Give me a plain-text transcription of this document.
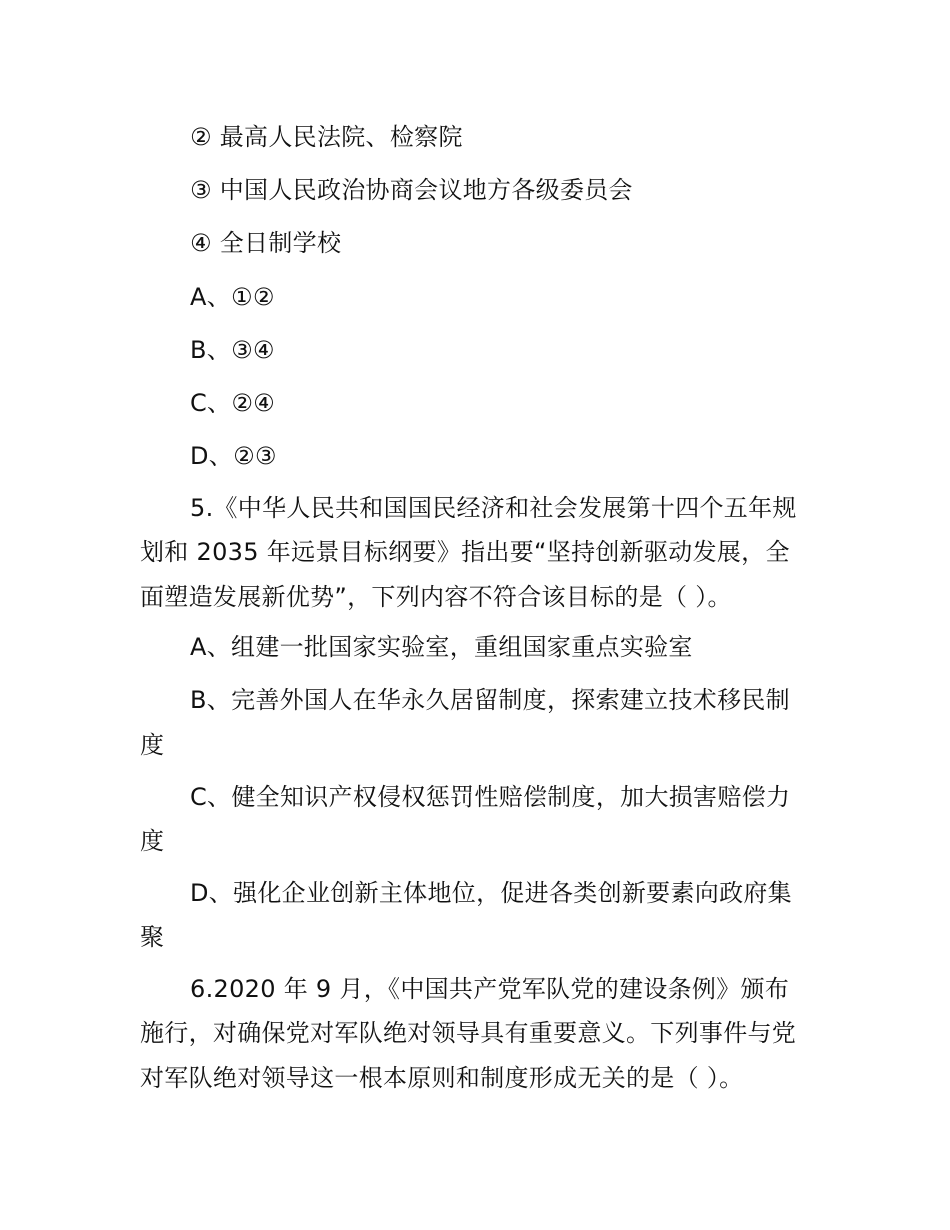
② 最高人民法院、检察院
③ 中国人民政治协商会议地方各级委员会
④ 全日制学校
A、①②
B、③④
C、②④
D、②③
5.《中华人民共和国国民经济和社会发展第十四个五年规
划和 2035 年远景目标纲要》指出要“坚持创新驱动发展，全
面塑造发展新优势”，下列内容不符合该目标的是（ ）。
A、组建一批国家实验室，重组国家重点实验室
B、完善外国人在华永久居留制度，探索建立技术移民制
度
C、健全知识产权侵权惩罚性赔偿制度，加大损害赔偿力
度
D、强化企业创新主体地位，促进各类创新要素向政府集
聚
6.2020 年 9 月，《中国共产党军队党的建设条例》颁布
施行，对确保党对军队绝对领导具有重要意义。下列事件与党
对军队绝对领导这一根本原则和制度形成无关的是（ ）。
